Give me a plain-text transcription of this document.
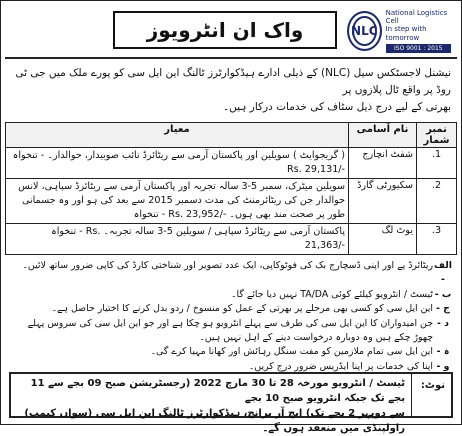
واک ان انٹرویوز	NLC
National Logistics Cell
In step with tomorrow
ISO 9001 : 2015
نیشنل لاجسٹکس سیل (NLC) کے ذیلی ادارے ہیڈکوارٹرز ٹالنگ این ایل سی کو پورے ملک میں جی ٹی روڈ پر واقع ٹال پلازوں پر
بھرتی کے لیے درج ذیل سٹاف کی خدمات درکار ہیں۔
نمبر شمار	نام آسامی	معیار
1.	شفٹ انچارج	( گریجوایٹ ) سویلین اور پاکستان آرمی سے ریٹائرڈ نائب صوبیدار، حوالدار۔ تنخواہ - Rs. 29,131/-
2.	سکیورٹی گارڈ	سویلین میٹرک، سمبر 5-3 سالہ تجربہ اور پاکستان آرمی سے ریٹائرڈ سپاہی، لانس حوالدار جن کی ریٹائرمنٹ کی مدت دسمبر 2015 سے بعد کی ہو اور وہ جسمانی طور پر صحت مند بھی ہوں۔ تنخواہ - Rs. 23,952/-
3.	یوٹ لگ	پاکستان آرمی سے ریٹائرڈ سپاہی / سویلین 5-3 سالہ تجربہ۔ تنخواہ - Rs. 21,363/-
الف -
ریٹائرڈ پے اور اپنی ڈسچارج بک کی فوٹوکاپی، ایک عدد تصویر اور شناختی کارڈ کی کاپی ضرور ساتھ لائیں۔
ب -
ٹیسٹ / انٹرویو کیلئے کوئی TA/DA نہیں دیا جائے گا۔
ج -
این ایل سی کو کسی بھی مرحلے پر بھرتی کے عمل کو منسوخ / ردو بدل کرنے کا اختیار حاصل ہے۔
د -
جن امیدواران کا این ایل سی کی طرف سے پہلے انٹرویو ہو چکا ہے اور جو این ایل سی کی سروس پہلے چھوڑ چکے ہیں وہ دوبارہ درخواست دینے کے اہل نہیں ہیں۔
ہ -
این ایل سی تمام ملازمین کو مفت سنگل رہائش اور کھانا مہیا کرے گی۔
و -
اپنا کی خدمات پر اپنا ایڈریس ضرور درج کریں۔
نوٹ:
ٹیسٹ / انٹرویو مورخہ 28 تا 30 مارچ 2022 (رجسٹریشن صبح 09 بجے سے 11 بجے تک جبکہ انٹرویو صبح 10 بجے
سے دوپہر 2 بجے تک) ایچ آر برانچ، ہیڈکوارٹرز ٹالنگ این ایل سی (سواں کیمپ) راولپنڈی میں منعقد ہوں گے۔
